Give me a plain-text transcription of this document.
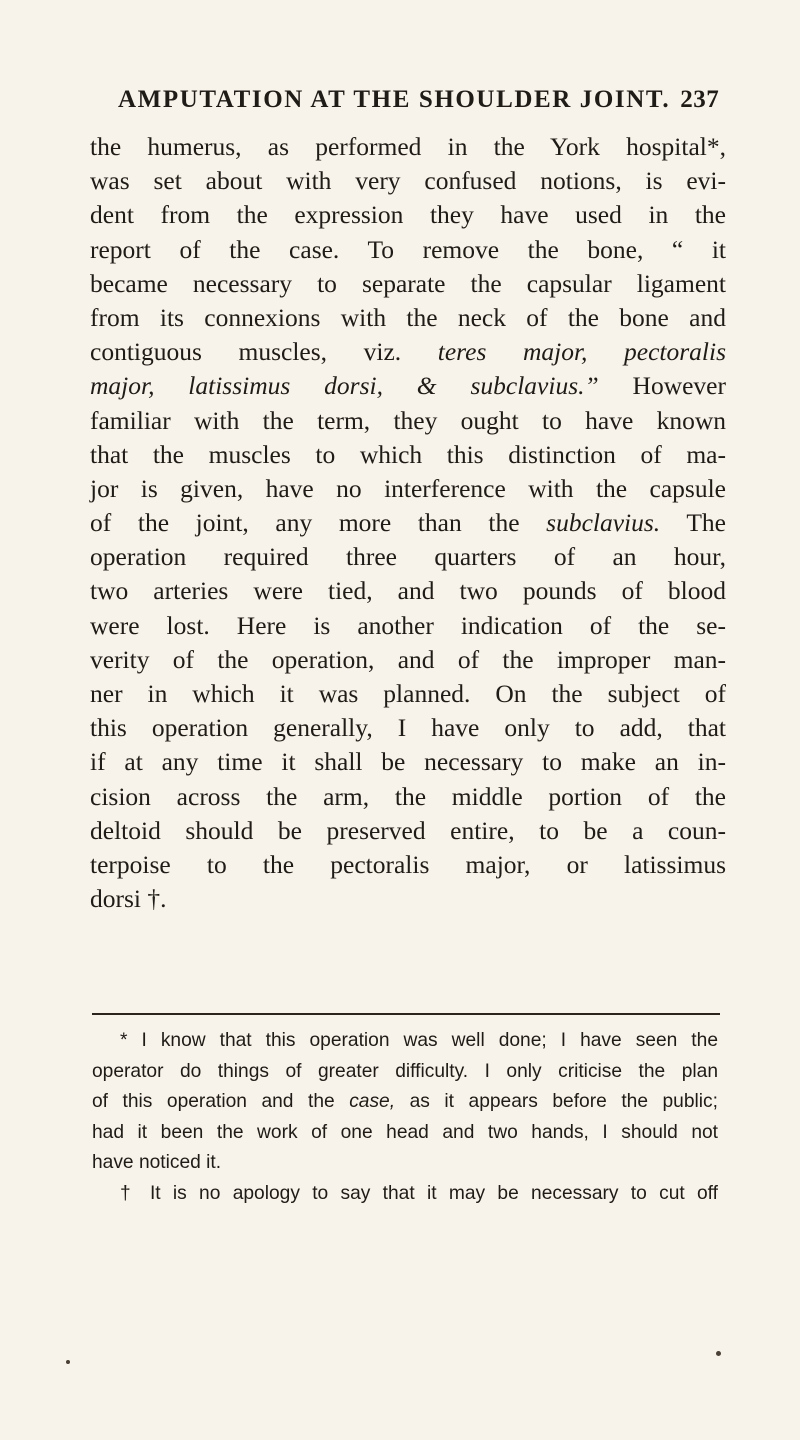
AMPUTATION AT THE SHOULDER JOINT. 237
the humerus, as performed in the York hospital*,
was set about with very confused notions, is evi-
dent from the expression they have used in the
report of the case. To remove the bone, “ it
became necessary to separate the capsular ligament
from its connexions with the neck of the bone and
contiguous muscles, viz. teres major, pectoralis
major, latissimus dorsi, & subclavius.” However
familiar with the term, they ought to have known
that the muscles to which this distinction of ma-
jor is given, have no interference with the capsule
of the joint, any more than the subclavius. The
operation required three quarters of an hour,
two arteries were tied, and two pounds of blood
were lost. Here is another indication of the se-
verity of the operation, and of the improper man-
ner in which it was planned. On the subject of
this operation generally, I have only to add, that
if at any time it shall be necessary to make an in-
cision across the arm, the middle portion of the
deltoid should be preserved entire, to be a coun-
terpoise to the pectoralis major, or latissimus
dorsi †.
* I know that this operation was well done; I have seen the
operator do things of greater difficulty. I only criticise the plan
of this operation and the case, as it appears before the public;
had it been the work of one head and two hands, I should not
have noticed it.
† It is no apology to say that it may be necessary to cut off
